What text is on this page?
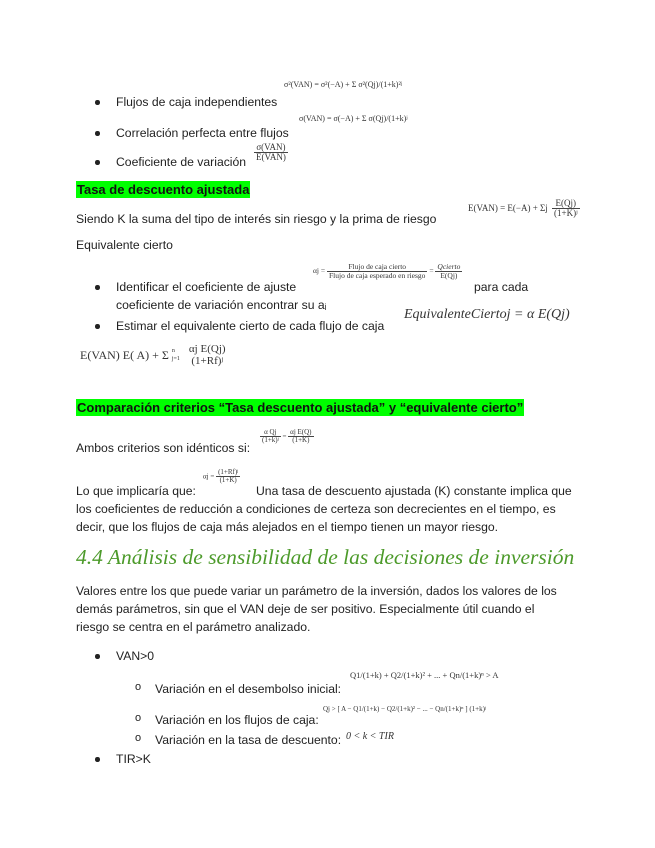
Flujos de caja independientes
σ²(VAN) = σ²(−A) + Σ σ²(Qj)/(1+k)²ʲ
Correlación perfecta entre flujos
σ(VAN) = σ(−A) + Σ σ(Qj)/(1+k)ʲ
Coeficiente de variación $\frac{\text{σ(VAN)}}{\text{E(VAN)}}$
Tasa de descuento ajustada
Siendo K la suma del tipo de interés sin riesgo y la prima de riesgo
E(VAN) = E(−A) + Σj $\frac{E(Qj)}{\text{(1+K)ʲ}}$
Equivalente cierto
Identificar el coeficiente de ajuste
$\alpha j = \frac{\text{Flujo de caja cierto}}{\text{Flujo de caja esperado en riesgo}} = \frac{\text{Qcierto}}{E(Qj)}$
para cada
coeficiente de variación encontrar su aᵢ
Estimar el equivalente cierto de cada flujo de caja
EquivalenteCiertoj = α E(Qj)
E(VAN) E( A) + Σ n
j=1

αj E(Qj)
(1+Rf)ʲ
Comparación criterios “Tasa descuento ajustada” y “equivalente cierto”
Ambos criterios son idénticos si:
$\frac{\text{α Qj}}{\text{(1+k)ʲ}} = \frac{\text{αj E(Q)}}{(1+K)}$
Lo que implicaría que:
$\alpha j = \frac{\text{(1+Rf)ʲ}}{(1+K)}$
Una tasa de descuento ajustada (K) constante implica que
los coeficientes de reducción a condiciones de certeza son decrecientes en el tiempo, es
decir, que los flujos de caja más alejados en el tiempo tienen un mayor riesgo.
4.4 Análisis de sensibilidad de las decisiones de inversión
Valores entre los que puede variar un parámetro de la inversión, dados los valores de los
demás parámetros, sin que el VAN deje de ser positivo. Especialmente útil cuando el
riesgo se centra en el parámetro analizado.
VAN>0
o Variación en el desembolso inicial:
Q1/(1+k) + Q2/(1+k)² + ... + Qn/(1+k)ⁿ > A
o Variación en los flujos de caja:
Qj > [ A − Q1/(1+k) − Q2/(1+k)² − ... − Qn/(1+k)ⁿ ] (1+k)ʲ
o Variación en la tasa de descuento: 0 < k < TIR
TIR>K
